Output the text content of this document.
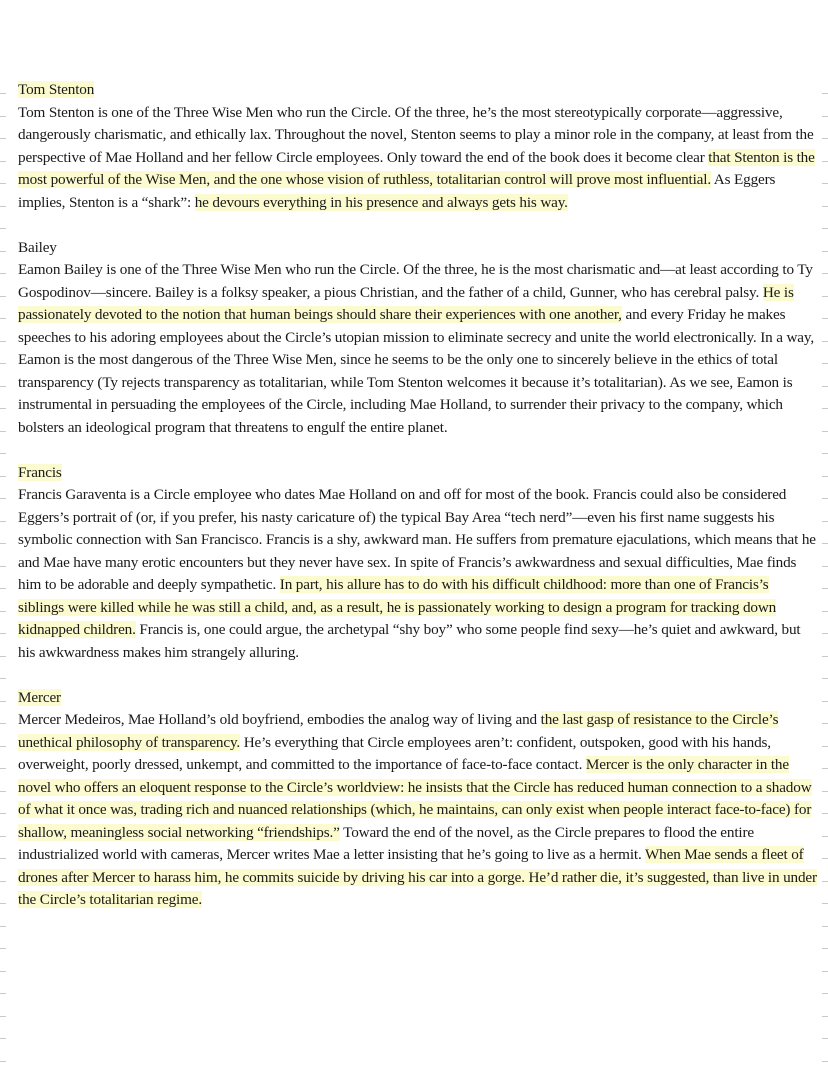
Tom Stenton

Tom Stenton is one of the Three Wise Men who run the Circle. Of the three, he’s the most stereotypically corporate—aggressive, dangerously charismatic, and ethically lax. Throughout the novel, Stenton seems to play a minor role in the company, at least from the perspective of Mae Holland and her fellow Circle employees. Only toward the end of the book does it become clear that Stenton is the most powerful of the Wise Men, and the one whose vision of ruthless, totalitarian control will prove most influential. As Eggers implies, Stenton is a “shark”: he devours everything in his presence and always gets his way.

Bailey

Eamon Bailey is one of the Three Wise Men who run the Circle. Of the three, he is the most charismatic and—at least according to Ty Gospodinov—sincere. Bailey is a folksy speaker, a pious Christian, and the father of a child, Gunner, who has cerebral palsy. He is passionately devoted to the notion that human beings should share their experiences with one another, and every Friday he makes speeches to his adoring employees about the Circle’s utopian mission to eliminate secrecy and unite the world electronically. In a way, Eamon is the most dangerous of the Three Wise Men, since he seems to be the only one to sincerely believe in the ethics of total transparency (Ty rejects transparency as totalitarian, while Tom Stenton welcomes it because it’s totalitarian). As we see, Eamon is instrumental in persuading the employees of the Circle, including Mae Holland, to surrender their privacy to the company, which bolsters an ideological program that threatens to engulf the entire planet.

Francis

Francis Garaventa is a Circle employee who dates Mae Holland on and off for most of the book. Francis could also be considered Eggers’s portrait of (or, if you prefer, his nasty caricature of) the typical Bay Area “tech nerd”—even his first name suggests his symbolic connection with San Francisco. Francis is a shy, awkward man. He suffers from premature ejaculations, which means that he and Mae have many erotic encounters but they never have sex. In spite of Francis’s awkwardness and sexual difficulties, Mae finds him to be adorable and deeply sympathetic. In part, his allure has to do with his difficult childhood: more than one of Francis’s siblings were killed while he was still a child, and, as a result, he is passionately working to design a program for tracking down kidnapped children. Francis is, one could argue, the archetypal “shy boy” who some people find sexy—he’s quiet and awkward, but his awkwardness makes him strangely alluring.

Mercer

Mercer Medeiros, Mae Holland’s old boyfriend, embodies the analog way of living and the last gasp of resistance to the Circle’s unethical philosophy of transparency. He’s everything that Circle employees aren’t: confident, outspoken, good with his hands, overweight, poorly dressed, unkempt, and committed to the importance of face-to-face contact. Mercer is the only character in the novel who offers an eloquent response to the Circle’s worldview: he insists that the Circle has reduced human connection to a shadow of what it once was, trading rich and nuanced relationships (which, he maintains, can only exist when people interact face-to-face) for shallow, meaningless social networking “friendships.” Toward the end of the novel, as the Circle prepares to flood the entire industrialized world with cameras, Mercer writes Mae a letter insisting that he’s going to live as a hermit. When Mae sends a fleet of drones after Mercer to harass him, he commits suicide by driving his car into a gorge. He’d rather die, it’s suggested, than live in under the Circle’s totalitarian regime.
